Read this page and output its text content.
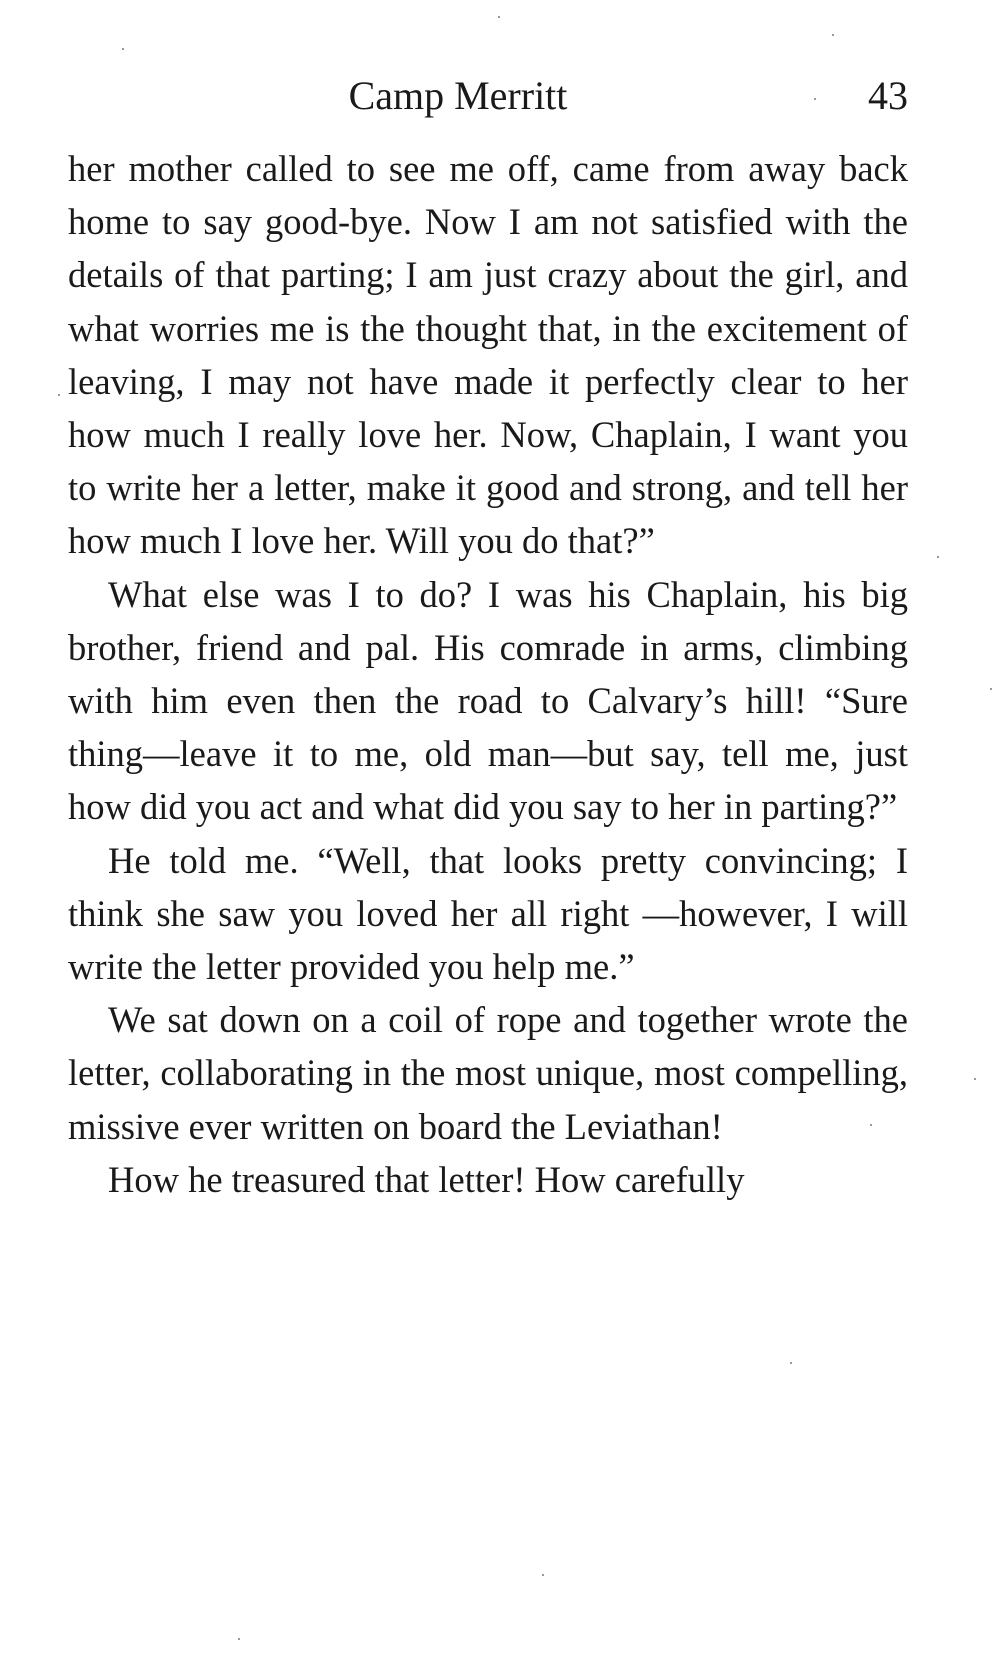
Camp Merritt	43

her mother called to see me off, came from away back home to say good-bye. Now I am not satisfied with the details of that parting; I am just crazy about the girl, and what worries me is the thought that, in the excitement of leaving, I may not have made it perfectly clear to her how much I really love her. Now, Chaplain, I want you to write her a letter, make it good and strong, and tell her how much I love her. Will you do that?”

What else was I to do? I was his Chaplain, his big brother, friend and pal. His comrade in arms, climbing with him even then the road to Calvary’s hill! “Sure thing—leave it to me, old man—but say, tell me, just how did you act and what did you say to her in parting?”

He told me. “Well, that looks pretty convincing; I think she saw you loved her all right —however, I will write the letter provided you help me.”

We sat down on a coil of rope and together wrote the letter, collaborating in the most unique, most compelling, missive ever written on board the Leviathan!

How he treasured that letter! How carefully
